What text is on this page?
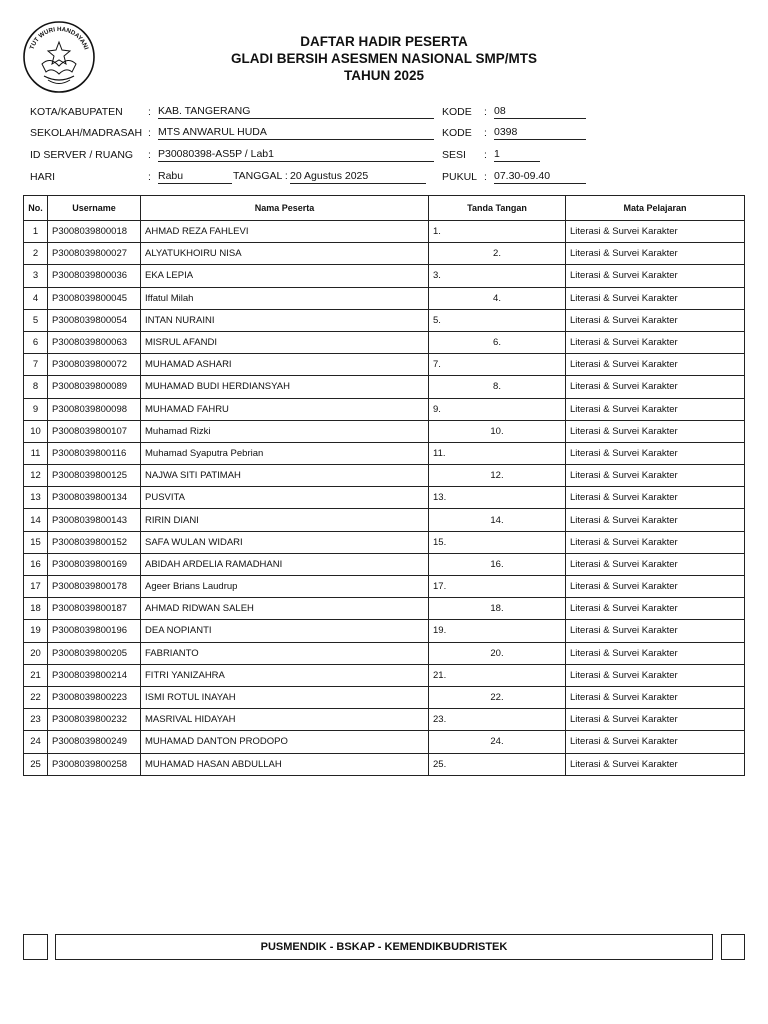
TUT WURI HANDAYANI	DAFTAR HADIR PESERTA
GLADI BERSIH ASESMEN NASIONAL SMP/MTS
TAHUN 2025
KOTA/KABUPATEN : KAB. TANGERANG
SEKOLAH/MADRASAH : MTS ANWARUL HUDA
ID SERVER / RUANG : P30080398-AS5P / Lab1
HARI	: Rabu	TANGGAL : 20 Agustus 2025
KODE : 08
KODE : 0398
SESI : 1
PUKUL : 07.30-09.40
No.	Username	Nama Peserta	Tanda Tangan	Mata Pelajaran
1	P3008039800018	AHMAD REZA FAHLEVI	1.	Literasi & Survei Karakter
2	P3008039800027	ALYATUKHOIRU NISA	2.	Literasi & Survei Karakter
3	P3008039800036	EKA LEPIA	3.	Literasi & Survei Karakter
4	P3008039800045	Iffatul Milah	4.	Literasi & Survei Karakter
5	P3008039800054	INTAN NURAINI	5.	Literasi & Survei Karakter
6	P3008039800063	MISRUL AFANDI	6.	Literasi & Survei Karakter
7	P3008039800072	MUHAMAD ASHARI	7.	Literasi & Survei Karakter
8	P3008039800089	MUHAMAD BUDI HERDIANSYAH	8.	Literasi & Survei Karakter
9	P3008039800098	MUHAMAD FAHRU	9.	Literasi & Survei Karakter
10	P3008039800107	Muhamad Rizki	10.	Literasi & Survei Karakter
11	P3008039800116	Muhamad Syaputra Pebrian	11.	Literasi & Survei Karakter
12	P3008039800125	NAJWA SITI PATIMAH	12.	Literasi & Survei Karakter
13	P3008039800134	PUSVITA	13.	Literasi & Survei Karakter
14	P3008039800143	RIRIN DIANI	14.	Literasi & Survei Karakter
15	P3008039800152	SAFA WULAN WIDARI	15.	Literasi & Survei Karakter
16	P3008039800169	ABIDAH ARDELIA RAMADHANI	16.	Literasi & Survei Karakter
17	P3008039800178	Ageer Brians Laudrup	17.	Literasi & Survei Karakter
18	P3008039800187	AHMAD RIDWAN SALEH	18.	Literasi & Survei Karakter
19	P3008039800196	DEA NOPIANTI	19.	Literasi & Survei Karakter
20	P3008039800205	FABRIANTO	20.	Literasi & Survei Karakter
21	P3008039800214	FITRI YANIZAHRA	21.	Literasi & Survei Karakter
22	P3008039800223	ISMI ROTUL INAYAH	22.	Literasi & Survei Karakter
23	P3008039800232	MASRIVAL HIDAYAH	23.	Literasi & Survei Karakter
24	P3008039800249	MUHAMAD DANTON PRODOPO	24.	Literasi & Survei Karakter
25	P3008039800258	MUHAMAD HASAN ABDULLAH	25.	Literasi & Survei Karakter
PUSMENDIK - BSKAP - KEMENDIKBUDRISTEK
